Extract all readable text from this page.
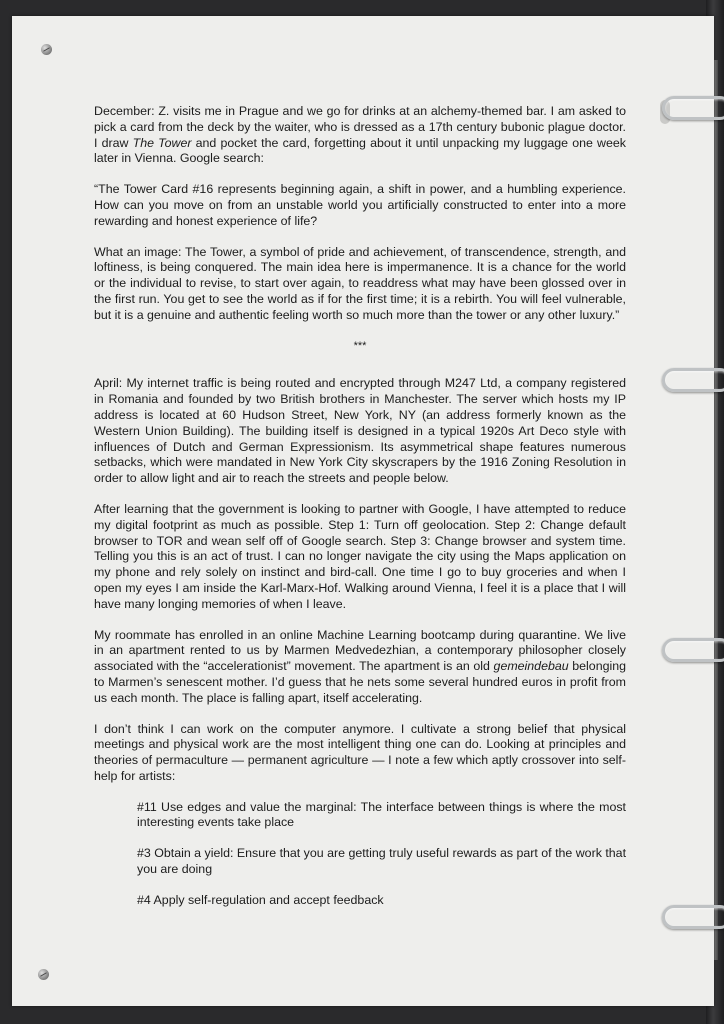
December: Z. visits me in Prague and we go for drinks at an alchemy-themed bar. I am asked to pick a card from the deck by the waiter, who is dressed as a 17th century bubonic plague doctor. I draw The Tower and pocket the card, forgetting about it until unpacking my luggage one week later in Vienna. Google search:

“The Tower Card #16 represents beginning again, a shift in power, and a humbling experience. How can you move on from an unstable world you artificially constructed to enter into a more rewarding and honest experience of life?

What an image: The Tower, a symbol of pride and achievement, of transcendence, strength, and loftiness, is being conquered. The main idea here is impermanence. It is a chance for the world or the individual to revise, to start over again, to readdress what may have been glossed over in the first run. You get to see the world as if for the first time; it is a rebirth. You will feel vulnerable, but it is a genuine and authentic feeling worth so much more than the tower or any other luxury.”

***

April: My internet traffic is being routed and encrypted through M247 Ltd, a company registered in Romania and founded by two British brothers in Manchester. The server which hosts my IP address is located at 60 Hudson Street, New York, NY (an address formerly known as the Western Union Building). The building itself is designed in a typical 1920s Art Deco style with influences of Dutch and German Expressionism. Its asymmetrical shape features numerous setbacks, which were mandated in New York City skyscrapers by the 1916 Zoning Resolution in order to allow light and air to reach the streets and people below.

After learning that the government is looking to partner with Google, I have attempted to reduce my digital footprint as much as possible. Step 1: Turn off geolocation. Step 2: Change default browser to TOR and wean self off of Google search. Step 3: Change browser and system time. Telling you this is an act of trust. I can no longer navigate the city using the Maps application on my phone and rely solely on instinct and bird-call. One time I go to buy groceries and when I open my eyes I am inside the Karl-Marx-Hof. Walking around Vienna, I feel it is a place that I will have many longing memories of when I leave.

My roommate has enrolled in an online Machine Learning bootcamp during quarantine. We live in an apartment rented to us by Marmen Medvedezhian, a contemporary philosopher closely associated with the “accelerationist” movement. The apartment is an old gemeindebau belonging to Marmen’s senescent mother. I’d guess that he nets some several hundred euros in profit from us each month. The place is falling apart, itself accelerating.

I don’t think I can work on the computer anymore. I cultivate a strong belief that physical meetings and physical work are the most intelligent thing one can do. Looking at principles and theories of permaculture — permanent agriculture — I note a few which aptly crossover into self-help for artists:

#11 Use edges and value the marginal: The interface between things is where the most interesting events take place

#3 Obtain a yield: Ensure that you are getting truly useful rewards as part of the work that you are doing

#4 Apply self-regulation and accept feedback
